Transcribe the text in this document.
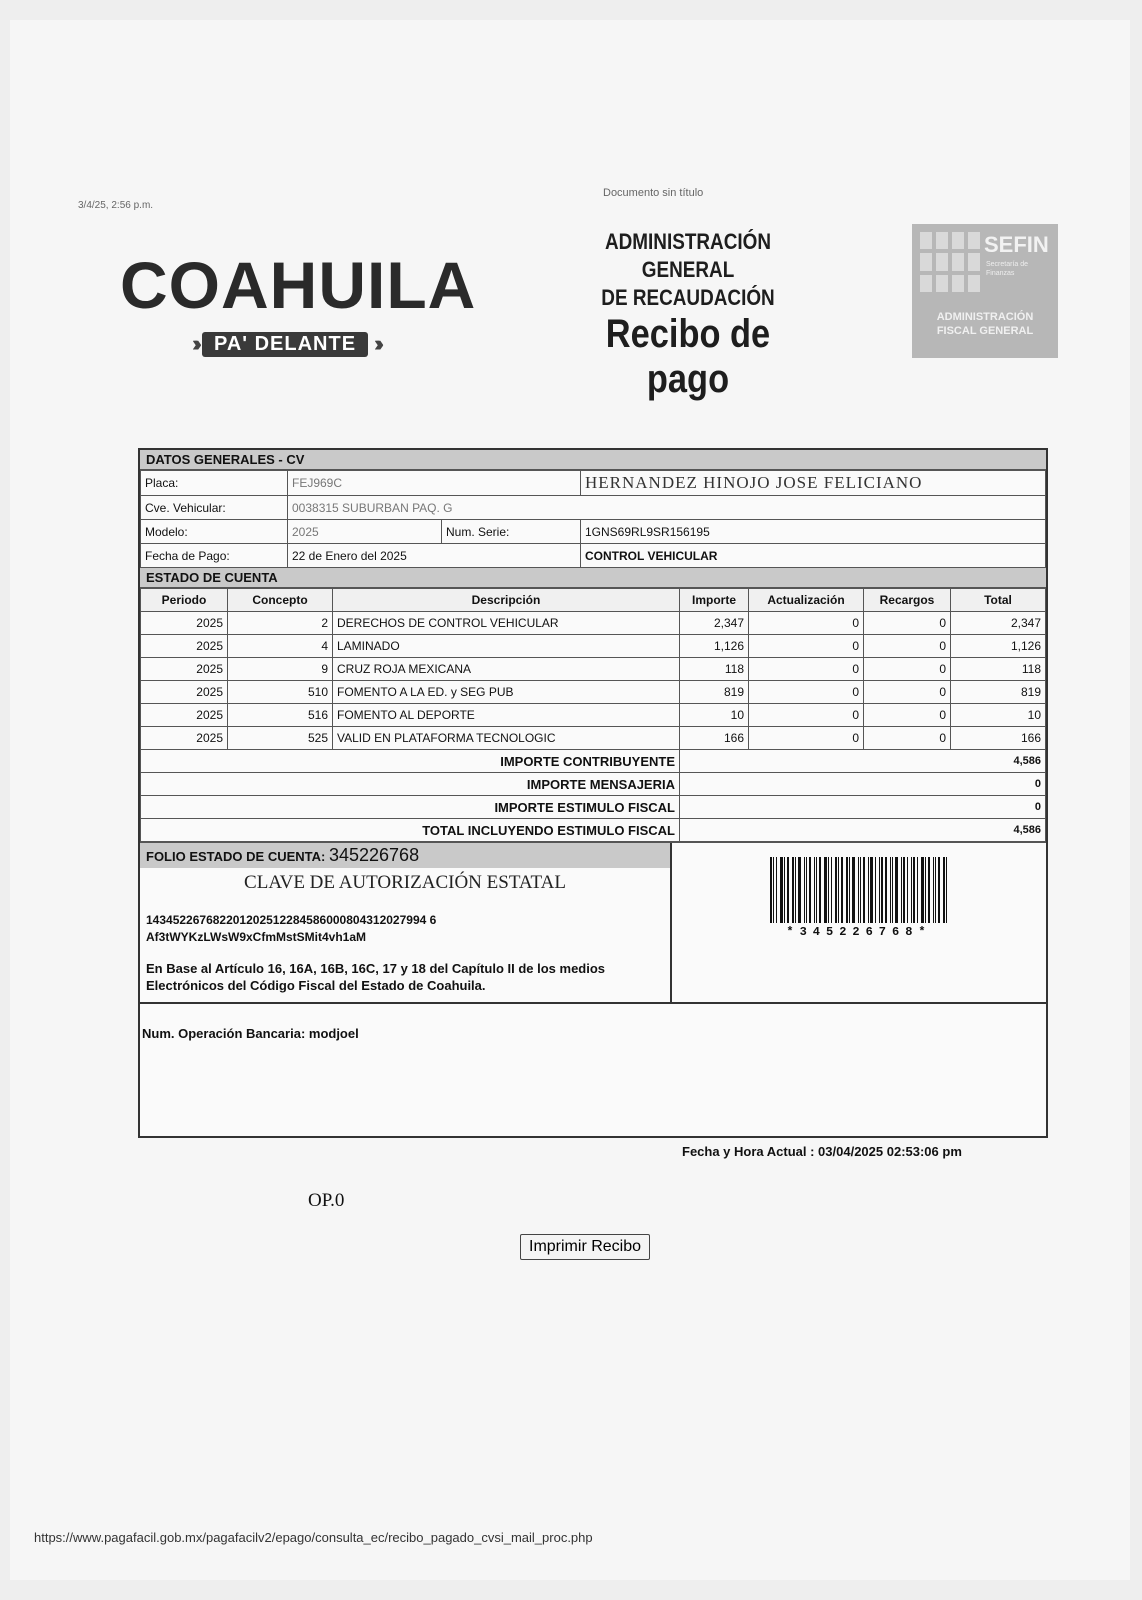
3/4/25, 2:56 p.m.
Documento sin título
COAHUILA
››› PA' DELANTE ›››
ADMINISTRACIÓN GENERAL
DE RECAUDACIÓN
Recibo de pago
SEFIN
Secretaría de Finanzas
ADMINISTRACIÓN
FISCAL GENERAL
DATOS GENERALES - CV
Placa:	FEJ969C		HERNANDEZ HINOJO JOSE FELICIANO
Cve. Vehicular:	0038315 SUBURBAN PAQ. G		
Modelo:	2025	Num. Serie:	1GNS69RL9SR156195
Fecha de Pago:	22 de Enero del 2025		CONTROL VEHICULAR
ESTADO DE CUENTA
Periodo	Concepto	Descripción	Importe	Actualización	Recargos	Total
2025	2	DERECHOS DE CONTROL VEHICULAR	2,347	0	0	2,347
2025	4	LAMINADO	1,126	0	0	1,126
2025	9	CRUZ ROJA MEXICANA	118	0	0	118
2025	510	FOMENTO A LA ED. y SEG PUB	819	0	0	819
2025	516	FOMENTO AL DEPORTE	10	0	0	10
2025	525	VALID EN PLATAFORMA TECNOLOGIC	166	0	0	166
IMPORTE CONTRIBUYENTE			4,586			
IMPORTE MENSAJERIA			0			
IMPORTE ESTIMULO FISCAL			0			
TOTAL INCLUYENDO ESTIMULO FISCAL			4,586			
FOLIO ESTADO DE CUENTA: 345226768
CLAVE DE AUTORIZACIÓN ESTATAL
143452267682201202512284586000804312027994 6
Af3tWYKzLWsW9xCfmMstSMit4vh1aM
En Base al Artículo 16, 16A, 16B, 16C, 17 y 18 del Capítulo II de los medios Electrónicos del Código Fiscal del Estado de Coahuila.
*345226768*
Num. Operación Bancaria: modjoel
Fecha y Hora Actual : 03/04/2025 02:53:06 pm
OP.0
Imprimir Recibo
https://www.pagafacil.gob.mx/pagafacilv2/epago/consulta_ec/recibo_pagado_cvsi_mail_proc.php
